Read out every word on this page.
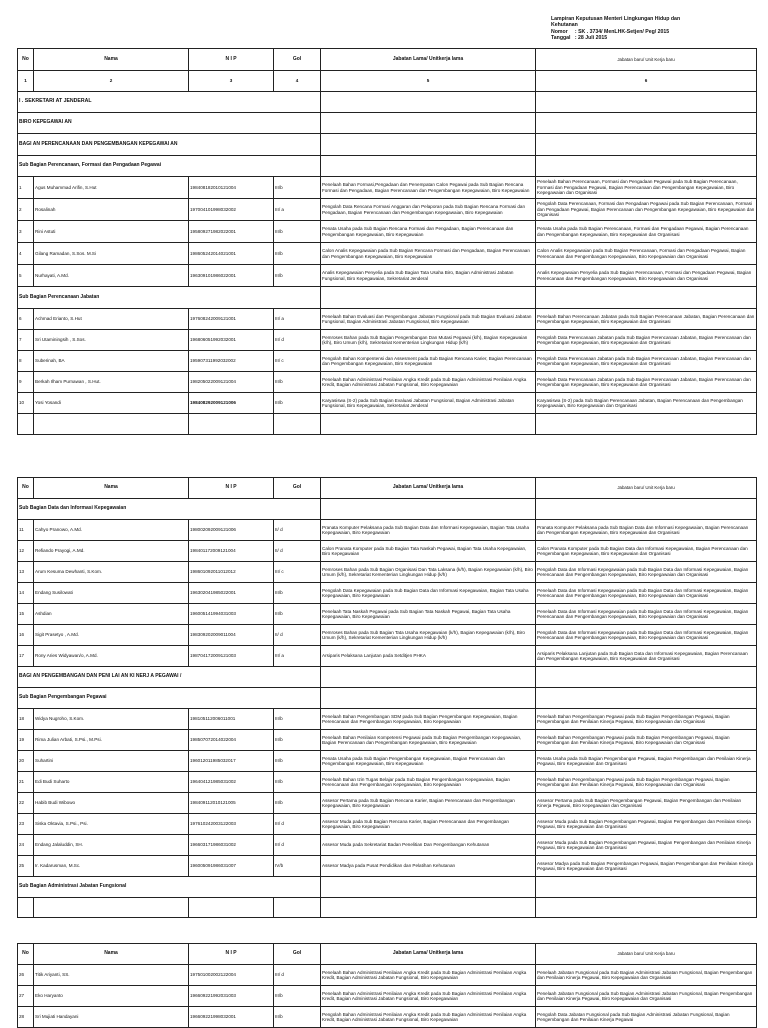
Lampiran Keputusan Menteri Lingkungan Hidup dan
Kehutanan
Nomor     : SK . 3734/ MenLHK-Setjen/ Peg/ 2015
Tanggal   : 28 Juli 2015
No	Nama	N I P	Gol	Jabatan Lama/ Unitkerja lama	Jabatan baru/ Unit Kerja baru
1	2	3	4	5	6
I . SEKRETARI AT JENDERAL					
BIRO KEPEGAWAI AN					
BAGI AN PERENCANAAN DAN PENGEMBANGAN KEPEGAWAI AN					
Sub Bagian Perencanaan, Formasi dan Pengadaan Pegawai					
1	Agus Muhammad Arifin, S.Hut	198408182010121004	III/b	Penelaah Bahan Formasi,Pengadaan dan Penempatan Calon Pegawai pada Sub Bagian Rencana Formasi dan Pengadaan, Bagian Perencanaan dan Pengembangan Kepegawaian, Biro Kepegawaian	Penelaah Bahan Perencanaan, Formasi dan Pengadaan Pegawai pada Sub Bagian Perencanaan, Formasi dan Pengadaan Pegawai, Bagian Perencanaan dan Pengembangan Kepegawaian, Biro Kepegawaian dan Organisasi
2	Rosalinah	197004101998032002	III/ a	Pengolah Data Rencana Formasi Anggaran dan Pelaporan pada Sub Bagian Rencana Formasi dan Pengadaan, Bagian Perencanaan dan Pengembangan Kepegawaian, Biro Kepegawaian	Pengolah Data Perencanaan, Formasi dan Pengadaan Pegawai pada Sub Bagian Perencanaan, Formasi dan Pengadaan Pegawai, Bagian Perencanaan dan Pengembangan Kepegawaian, Biro Kepegawaian dan Organisasi
3	Rini Astuti	195809271982022001	III/b	Penata Usaha pada Sub Bagian Rencana Formasi dan Pengadaan, Bagian Perencanaan dan Pengembangan Kepegawaian, Biro Kepegawaian	Penata Usaha pada Sub Bagian Perencanaan, Formasi dan Pengadaan Pegawai, Bagian Perencanaan dan Pengembangan Kepegawaian, Biro Kepegawaian dan Organisasi
4	Gilang Ramadan, S.Sos. M.Si	198605242014021001	III/b	Calon Analis Kepegawaian pada Sub Bagian Rencana Formasi dan Pengadaan, Bagian Perencanaan dan Pengembangan Kepegawaian, Biro Kepegawaian	Calon Analis Kepegawaian pada Sub Bagian Perencanaan, Formasi dan Pengadaan Pegawai, Bagian Perencanaan dan Pengembangan Kepegawaian, Biro Kepegawaian dan Organisasi
5	Nurhayati, A.Md.	196309101986022001	III/b	Analis Kepegawaian Penyelia pada Sub Bagian Tata Usaha Biro, Bagian Administrasi Jabatan Fungsional, Biro Kepegawaian, Sekretariat Jenderal	Analis Kepegawaian Penyelia pada Sub Bagian Perencanaan, Formasi dan Pengadaan Pegawai, Bagian Perencanaan dan Pengembangan Kepegawaian, Biro Kepegawaian dan Organisasi
Sub Bagian Perencanaan Jabatan					
6	Achmad Erianto, S.Hut	197608242009121001	III/ a	Penelaah Bahan Evaluasi dan Pengembangan Jabatan Fungsional pada Sub Bagian Evaluasi Jabatan Fungsional, Bagian Administrasi Jabatan Fungsional, Biro Kepegawaian	Penelaah Bahan Perencanaan Jabatan pada Sub Bagian Perencanaan Jabatan, Bagian Perencanaan dan Pengembangan Kepegawaian, Biro Kepegawaian dan Organisasi
7	Sri Utaminingsih , S.Sos.	196806051992032001	III/ d	Pemroses Bahan pada Sub Bagian Pengembangan Dan Mutasi Pegawai (k/h), Bagian Kepegawaian (k/h), Biro Umum (k/h), Sekretariat Kementerian Lingkungan Hidup (k/h)	Pengolah Data Perencanaan Jabatan pada Sub Bagian Perencanaan Jabatan, Bagian Perencanaan dan Pengembangan Kepegawaian, Biro Kepegawaian dan Organisasi
8	Suberinah, BA	195907311992032002	III/ c	Pengolah Bahan Kompentensi dan Assesment pada Sub Bagian Rencana Karier, Bagian Perencanaan dan Pengembangan Kepegawaian, Biro Kepegawaian	Pengolah Data Perencanaan Jabatan pada Sub Bagian Perencanaan Jabatan, Bagian Perencanaan dan Pengembangan Kepegawaian, Biro Kepegawaian dan Organisasi
9	Berkah Ilham Purnawan , S.Hut.	198205022009121004	III/b	Penelaah Bahan Administrasi Penilaian Angka Kredit pada Sub Bagian Administrasi Penilaian Angka Kredit, Bagian Administrasi Jabatan Fungsional, Biro Kepegawaian	Penelaah Data Perencanaan Jabatan pada Sub Bagian Perencanaan Jabatan, Bagian Perencanaan dan Pengembangan Kepegawaian, Biro Kepegawaian dan Organisasi
10	Yosi Yosandi	198408292009121006	III/b	Karyasiswa (S-2) pada Sub Bagian Evaluasi Jabatan Fungsional, Bagian Administrasi Jabatan Fungsional, Biro Kepegawaian, Sekretariat Jenderal	Karyasiswa (S-2) pada Sub Bagian Perencanaan Jabatan, Bagian Perencanaan dan Pengembangan Kepegawaian, Biro Kepegawaian dan Organisasi

No	Nama	N I P	Gol	Jabatan Lama/ Unitkerja lama	Jabatan baru/ Unit Kerja baru
Sub Bagian Data dan Informasi Kepegawaian					
11	Cahyo Pranowo, A.Md.	198002092009121006	II/ d	Pranata Komputer Pelaksana pada Sub Bagian Data dan Informasi Kepegawaian, Bagian Tata Usaha Kepegawaian, Biro Kepegawaian	Pranata Komputer Pelaksana pada Sub Bagian Data dan Informasi Kepegawaian, Bagian Perencanaan dan Pengembangan Kepegawaian, Biro Kepegawaian dan Organisasi
12	Refiando Prayogi, A.Md.	198401172009121004	II/ d	Calon Pranata Komputer pada Sub Bagian Tata Naskah Pegawai, Bagian Tata Usaha Kepegawaian, Biro Kepegawaian	Calon Pranata Komputer pada Sub Bagian Data dan Informasi Kepegawaian, Bagian Perencanaan dan Pengembangan Kepegawaian, Biro Kepegawaian dan Organisasi
13	Arum Kesuma Dewhanti, S.Kom.	198601092011012012	III/ c	Pemroses Bahan pada Sub Bagian Organisasi Dan Tata Laksana (k/h), Bagian Kepegawaian (k/h), Biro Umum (k/h), Sekretariat Kementerian Lingkungan Hidup (k/h)	Pengolah Data dan Informasi Kepegawaian pada Sub Bagian Data dan Informasi Kepegawaian, Bagian Perencanaan dan Pengembangan Kepegawaian, Biro Kepegawaian dan Organisasi
14	Endang Susilowati	196302041985022001	III/b	Pengolah Data Kepegawaian pada Sub Bagian Data dan Informasi Kepegawaian, Bagian Tata Usaha Kepegawaian, Biro Kepegawaian	Penelaah Data dan Informasi Kepegawaian pada Sub Bagian Data dan Informasi Kepegawaian, Bagian Perencanaan dan Pengembangan Kepegawaian, Biro Kepegawaian dan Organisasi
15	Ashdian	196005141994031003	III/b	Penelaah Tata Naskah Pegawai pada Sub Bagian Tata Naskah Pegawai, Bagian Tata Usaha Kepegawaian, Biro Kepegawaian	Penelaah Data dan Informasi Kepegawaian pada Sub Bagian Data dan Informasi Kepegawaian, Bagian Perencanaan dan Pengembangan Kepegawaian, Biro Kepegawaian dan Organisasi
16	Sigit Prasetyo , A.Md.	198309202009011004	II/ d	Pemroses Bahan pada Sub Bagian Tata Usaha Kepegawaian (k/h), Bagian Kepegawaian (k/h), Biro Umum (k/h), Sekretariat Kementerian Lingkungan Hidup (k/h)	Pengolah Data dan Informasi Kepegawaian pada Sub Bagian Data dan Informasi Kepegawaian, Bagian Perencanaan dan Pengembangan Kepegawaian, Biro Kepegawaian dan Organisasi
17	Rony Aries Widyawan/o, A.Md.	198704172009121003	III/ a	Arsiparis Pelaksana Lanjutan pada Setditjen PHKA	Arsiparis Pelaksana Lanjutan pada Sub Bagian Data dan Informasi Kepegawaian, Bagian Perencanaan dan Pengembangan Kepegawaian, Biro Kepegawaian dan Organisasi
BAGI AN PENGEMBANGAN DAN PENI LAI AN KI NERJ A PEGAWAI /					
Sub Bagian Pengembangan Pegawai					
18	Widya Nugroho, S.Kom.	198105112006011001	III/b	Penelaah Bahan Pengembangan SDM pada Sub Bagian Pengembangan Kepegawaian, Bagian Perencanaan dan Pengembangan Kepegawaian, Biro Kepegawaian	Penelaah Bahan Pengembangan Pegawai pada Sub Bagian Pengembangan Pegawai, Bagian Pengembangan dan Penilaian Kinerja Pegawai, Biro Kepegawaian dan Organisasi
19	Rima Julian Arbati, S.Psi., M.Psi.	198507072014022004	III/b	Penelaah Bahan Penilaian Kompetensi Pegawai pada Sub Bagian Pengembangan Kepegawaian, Bagian Perencanaan dan Pengembangan Kepegawaian, Biro Kepegawaian	Penelaah Bahan Pengembangan Pegawai pada Sub Bagian Pengembangan Pegawai, Bagian Pengembangan dan Penilaian Kinerja Pegawai, Biro Kepegawaian dan Organisasi
20	Suhartini	196012011985032017	III/b	Penata Usaha pada Sub Bagian Pengembangan Kepegawaian, Bagian Perencanaan dan Pengembangan Kepegawaian, Biro Kepegawaian	Penata Usaha pada Sub Bagian Pengembangan Pegawai, Bagian Pengembangan dan Penilaian Kinerja Pegawai, Biro Kepegawaian dan Organisasi
21	Edi Budi Suharto	196404121985031002	III/b	Penelaah Bahan Izin Tugas Belajar pada Sub Bagian Pengembangan Kepegawaian, Bagian Perencanaan dan Pengembangan Kepegawaian, Biro Kepegawaian	Penelaah Bahan Pengembangan Pegawai pada Sub Bagian Pengembangan Pegawai, Bagian Pengembangan dan Penilaian Kinerja Pegawai, Biro Kepegawaian dan Organisasi
22	Habib Budi Wibowo	198409112010121005	III/b	Assesor Pertama pada Sub Bagian Rencana Karier, Bagian Perencanaan dan Pengembangan Kepegawaian, Biro Kepegawaian	Assesor Pertama pada Sub Bagian Pengembangan Pegawai, Bagian Pengembangan dan Penilaian Kinerja Pegawai, Biro Kepegawaian dan Organisasi
23	Siska Oktavia, S.Psi., Psi.	197610242003122003	III/ d	Assesor Muda pada Sub Bagian Rencana Karier, Bagian Perencanaan dan Pengembangan Kepegawaian, Biro Kepegawaian	Assesor Muda pada Sub Bagian Pengembangan Pegawai, Bagian Pengembangan dan Penilaian Kinerja Pegawai, Biro Kepegawaian dan Organisasi
24	Endang Jalaluddin, SH.	196603171986031002	III/ d	Assesor Muda pada Sekretariat Badan Penelitian Dan Pengembangan Kehutanan	Assesor Muda pada Sub Bagian Pengembangan Pegawai, Bagian Pengembangan dan Penilaian Kinerja Pegawai, Biro Kepegawaian dan Organisasi
25	Ir. Kadarusman, M.Sc.	196005091986031007	IV/b	Assesor Madya pada Pusat Pendidikan dan Pelatihan Kehutanan	Assesor Madya pada Sub Bagian Pengembangan Pegawai, Bagian Pengembangan dan Penilaian Kinerja Pegawai, Biro Kepegawaian dan Organisasi
Sub Bagian Administrasi Jabatan Fungsional					

No	Nama	N I P	Gol	Jabatan Lama/ Unitkerja lama	Jabatan baru/ Unit Kerja baru
26	Titik Ariyanti, SS.	197501002002122004	III/ d	Penelaah Bahan Administrasi Penilaian Angka Kredit pada Sub Bagian Administrasi Penilaian Angka Kredit, Bagian Administrasi Jabatan Fungsional, Biro Kepegawaian	Penelaah Jabatan Fungsional pada Sub Bagian Administrasi Jabatan Fungsional, Bagian Pengembangan dan Penilaian Kinerja Pegawai, Biro Kepegawaian dan Organisasi
27	Eko Haryanto	196609221992031003	III/b	Penelaah Bahan Administrasi Penilaian Angka Kredit pada Sub Bagian Administrasi Penilaian Angka Kredit, Bagian Administrasi Jabatan Fungsional, Biro Kepegawaian	Penelaah Jabatan Fungsional pada Sub Bagian Administrasi Jabatan Fungsional, Bagian Pengembangan dan Penilaian Kinerja Pegawai, Biro Kepegawaian dan Organisasi
28	Sri Mujiati Handayani	196609221998032001	III/b	Pengolah Bahan Administrasi Penilaian Angka Kredit pada Sub Bagian Administrasi Penilaian Angka Kredit, Bagian Administrasi Jabatan Fungsional, Biro Kepegawaian	Pengolah Data Jabatan Fungsional pada Sub Bagian Administrasi Jabatan Fungsional, Bagian Pengembangan dan Penilaian Kinerja Pegawai
